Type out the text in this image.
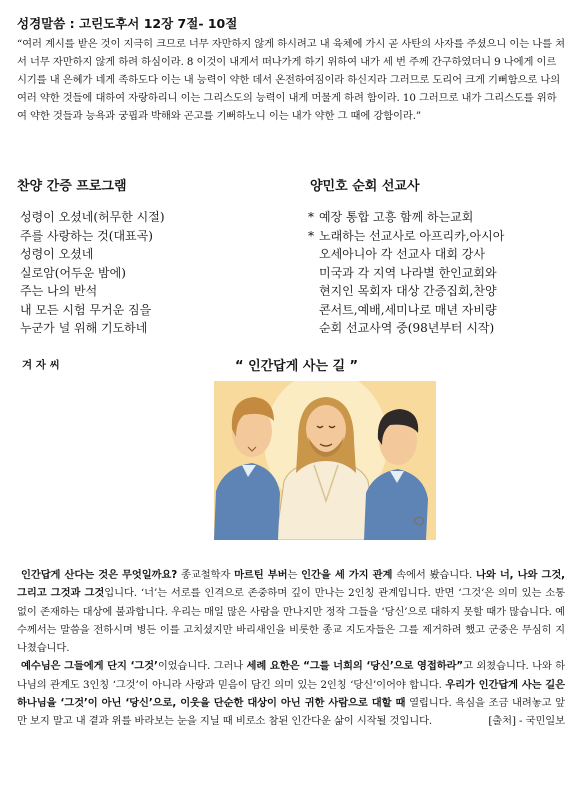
성경말씀 : 고린도후서 12장 7절- 10절
“여러 계시를 받은 것이 지극히 크므로 너무 자만하지 않게 하시려고 내 육체에 가시 곧 사탄의 사자를 주셨으니 이는 나를 쳐서 너무 자만하지 않게 하려 하심이라. 8 이것이 내게서 떠나가게 하기 위하여 내가 세 번 주께 간구하였더니 9 나에게 이르시기를 내 은혜가 네게 족하도다 이는 내 능력이 약한 데서 온전하여짐이라 하신지라 그러므로 도리어 크게 기뻐함으로 나의 여러 약한 것들에 대하여 자랑하리니 이는 그리스도의 능력이 내게 머물게 하려 함이라. 10 그러므로 내가 그리스도를 위하여 약한 것들과 능욕과 궁핍과 박해와 곤고를 기뻐하노니 이는 내가 약한 그 때에 강함이라.”
찬양 간증 프로그램
성령이 오셨네(허무한 시절)
주를 사랑하는 것(대표곡)
성령이 오셨네
실로암(어두운 밤에)
주는 나의 반석
내 모든 시험 무거운 짐을
누군가 널 위해 기도하네
양민호 순회 선교사
* 예장 통합 고흥 함께 하는교회
* 노래하는 선교사로 아프리카,아시아
오세아니아 각 선교사 대회 강사
미국과 각 지역 나라별 한인교회와
현지인 목회자 대상 간증집회,찬양
콘서트,예배,세미나로 매년 자비량
순회 선교사역 중(98년부터 시작)
겨 자 씨	“ 인간답게 사는 길 ”

인간답게 산다는 것은 무엇일까요? 종교철학자 마르틴 부버는 인간을 세 가지 관계 속에서 봤습니다. 나와 너, 나와 그것, 그리고 그것과 그것입니다. ‘너’는 서로를 인격으로 존중하며 깊이 만나는 2인칭 관계입니다. 반면 ‘그것’은 의미 있는 소통 없이 존재하는 대상에 불과합니다. 우리는 매일 많은 사람을 만나지만 정작 그들을 ‘당신’으로 대하지 못할 때가 많습니다. 예수께서는 말씀을 전하시며 병든 이를 고치셨지만 바리새인을 비롯한 종교 지도자들은 그를 제거하려 했고 군중은 무심히 지나쳤습니다.

예수님은 그들에게 단지 ‘그것’이었습니다. 그러나 세례 요한은 “그를 너희의 ‘당신’으로 영접하라”고 외쳤습니다. 나와 하나님의 관계도 3인칭 ‘그것’이 아니라 사랑과 믿음이 담긴 의미 있는 2인칭 ‘당신’이어야 합니다. 우리가 인간답게 사는 길은 하나님을 ‘그것’이 아닌 ‘당신’으로, 이웃을 단순한 대상이 아닌 귀한 사람으로 대할 때 열립니다. 욕심을 조금 내려놓고 앞만 보지 말고 내 곁과 위를 바라보는 눈을 지닐 때 비로소 참된 인간다운 삶이 시작될 것입니다.	[출처] - 국민일보
